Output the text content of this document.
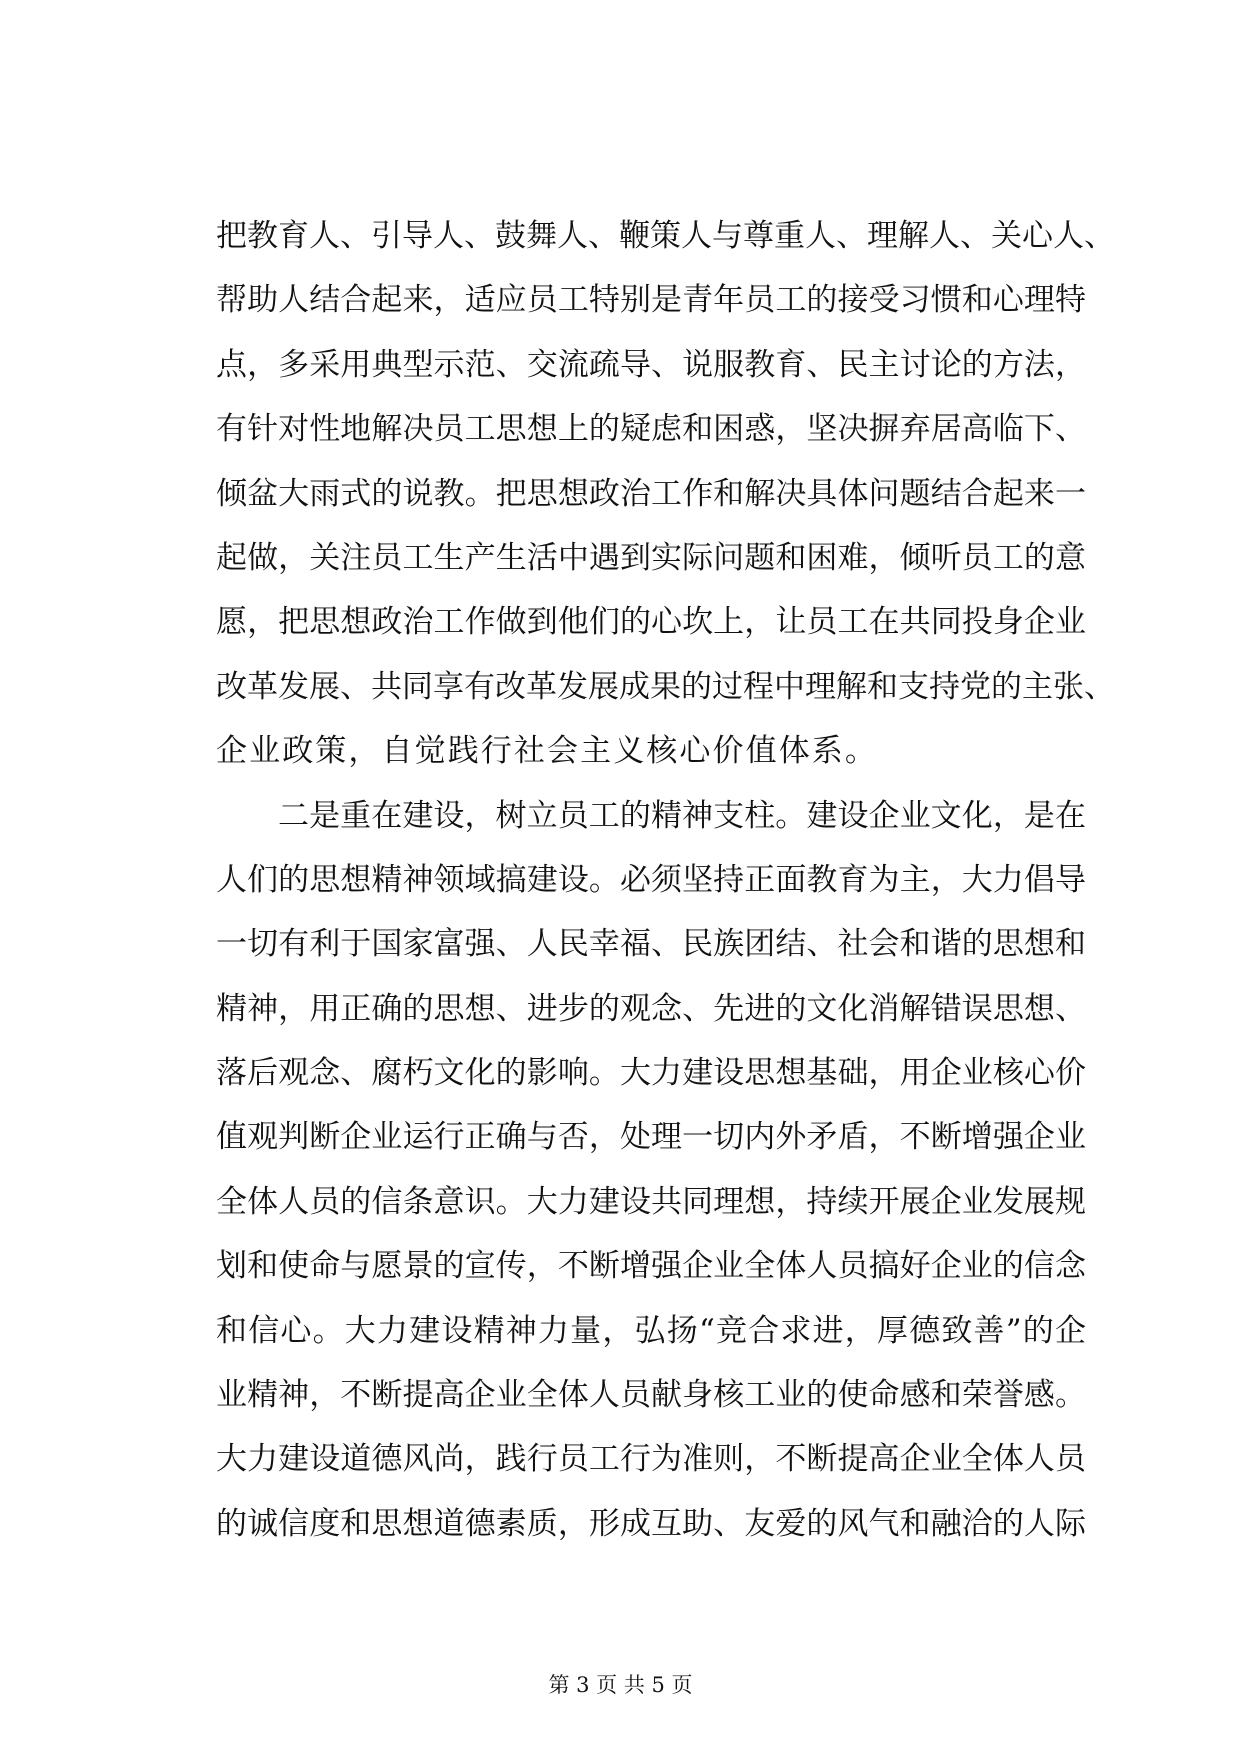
把教育人、引导人、鼓舞人、鞭策人与尊重人、理解人、关心人、
帮助人结合起来，适应员工特别是青年员工的接受习惯和心理特
点，多采用典型示范、交流疏导、说服教育、民主讨论的方法，
有针对性地解决员工思想上的疑虑和困惑，坚决摒弃居高临下、
倾盆大雨式的说教。把思想政治工作和解决具体问题结合起来一
起做，关注员工生产生活中遇到实际问题和困难，倾听员工的意
愿，把思想政治工作做到他们的心坎上，让员工在共同投身企业
改革发展、共同享有改革发展成果的过程中理解和支持党的主张、
企业政策，自觉践行社会主义核心价值体系。
二是重在建设，树立员工的精神支柱。建设企业文化，是在
人们的思想精神领域搞建设。必须坚持正面教育为主，大力倡导
一切有利于国家富强、人民幸福、民族团结、社会和谐的思想和
精神，用正确的思想、进步的观念、先进的文化消解错误思想、
落后观念、腐朽文化的影响。大力建设思想基础，用企业核心价
值观判断企业运行正确与否，处理一切内外矛盾，不断增强企业
全体人员的信条意识。大力建设共同理想，持续开展企业发展规
划和使命与愿景的宣传，不断增强企业全体人员搞好企业的信念
和信心。大力建设精神力量，弘扬“竞合求进，厚德致善”的企
业精神，不断提高企业全体人员献身核工业的使命感和荣誉感。
大力建设道德风尚，践行员工行为准则，不断提高企业全体人员
的诚信度和思想道德素质，形成互助、友爱的风气和融洽的人际
第 3 页 共 5 页
